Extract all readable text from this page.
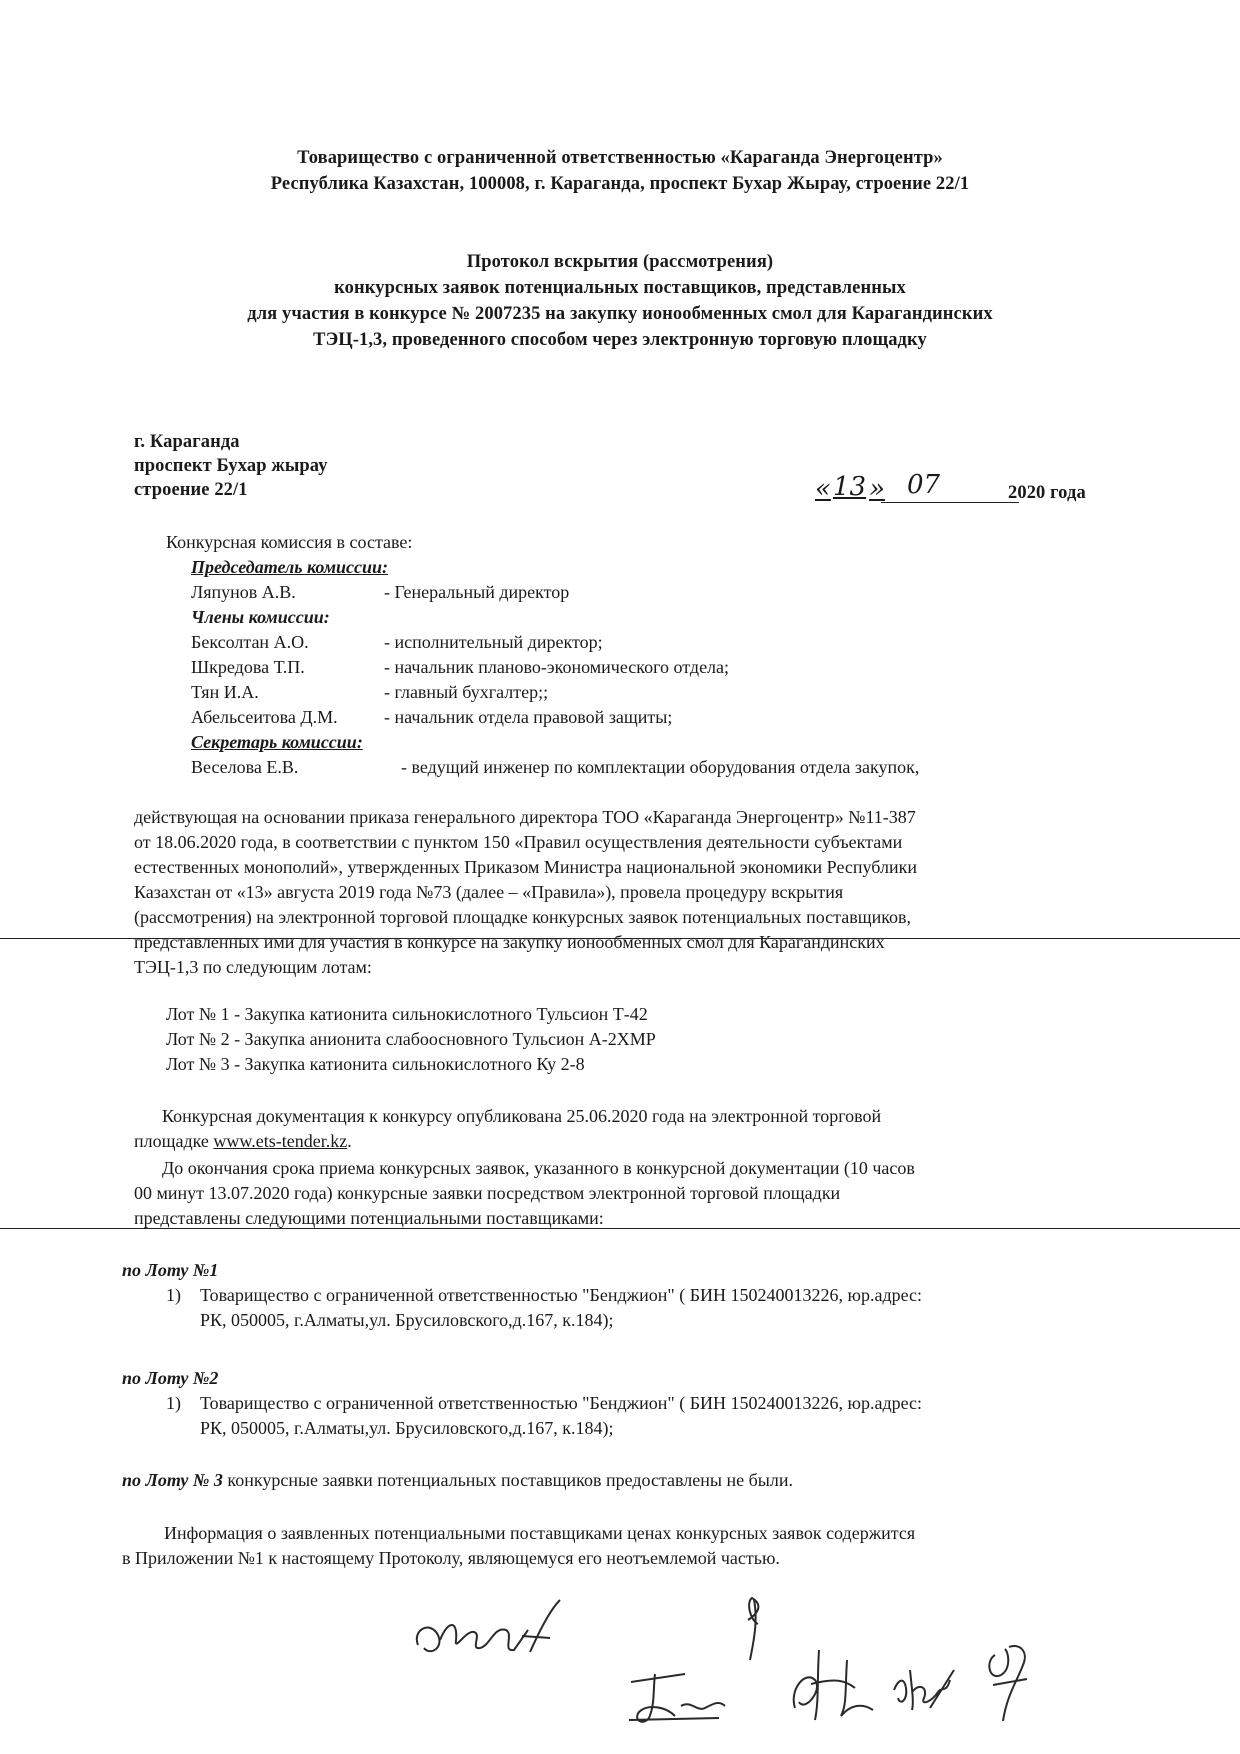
Товарищество с ограниченной ответственностью «Караганда Энергоцентр»
Республика Казахстан, 100008, г. Караганда, проспект Бухар Жырау, строение 22/1
Протокол вскрытия (рассмотрения)
конкурсных заявок потенциальных поставщиков, представленных
для участия в конкурсе № 2007235 на закупку ионообменных смол для Карагандинских
ТЭЦ-1,3, проведенного способом через электронную торговую площадку
г. Караганда
проспект Бухар жырау
строение 22/1	« 13 » 07	2020 года
Конкурсная комиссия в составе:
Председатель комиссии:
Ляпунов А.В.	- Генеральный директор
Члены комиссии:
Бексолтан А.О.	- исполнительный директор;
Шкредова Т.П.	- начальник планово-экономического отдела;
Тян И.А.	- главный бухгалтер;;
Абельсеитова Д.М.	- начальник отдела правовой защиты;
Секретарь комиссии:
Веселова Е.В.	- ведущий инженер по комплектации оборудования отдела закупок,
действующая на основании приказа генерального директора ТОО «Караганда Энергоцентр» №11-387
от 18.06.2020 года, в соответствии с пунктом 150 «Правил осуществления деятельности субъектами
естественных монополий», утвержденных Приказом Министра национальной экономики Республики
Казахстан от «13» августа 2019 года №73 (далее – «Правила»), провела процедуру вскрытия
(рассмотрения) на электронной торговой площадке конкурсных заявок потенциальных поставщиков,
представленных ими для участия в конкурсе на закупку ионообменных смол для Карагандинских
ТЭЦ-1,3 по следующим лотам:
Лот № 1 - Закупка катионита сильнокислотного Тульсион Т-42
Лот № 2 - Закупка анионита слабоосновного Тульсион А-2ХМР
Лот № 3 - Закупка катионита сильнокислотного Ку 2-8
Конкурсная документация к конкурсу опубликована 25.06.2020 года на электронной торговой
площадке www.ets-tender.kz.
До окончания срока приема конкурсных заявок, указанного в конкурсной документации (10 часов
00 минут 13.07.2020 года) конкурсные заявки посредством электронной торговой площадки
представлены следующими потенциальными поставщиками:
по Лоту №1
1)	Товарищество с ограниченной ответственностью "Бенджион" ( БИН 150240013226, юр.адрес:
РК, 050005, г.Алматы,ул. Брусиловского,д.167, к.184);
по Лоту №2
1)	Товарищество с ограниченной ответственностью "Бенджион" ( БИН 150240013226, юр.адрес:
РК, 050005, г.Алматы,ул. Брусиловского,д.167, к.184);
по Лоту № 3 конкурсные заявки потенциальных поставщиков предоставлены не были.
Информация о заявленных потенциальными поставщиками ценах конкурсных заявок содержится
в Приложении №1 к настоящему Протоколу, являющемуся его неотъемлемой частью.
